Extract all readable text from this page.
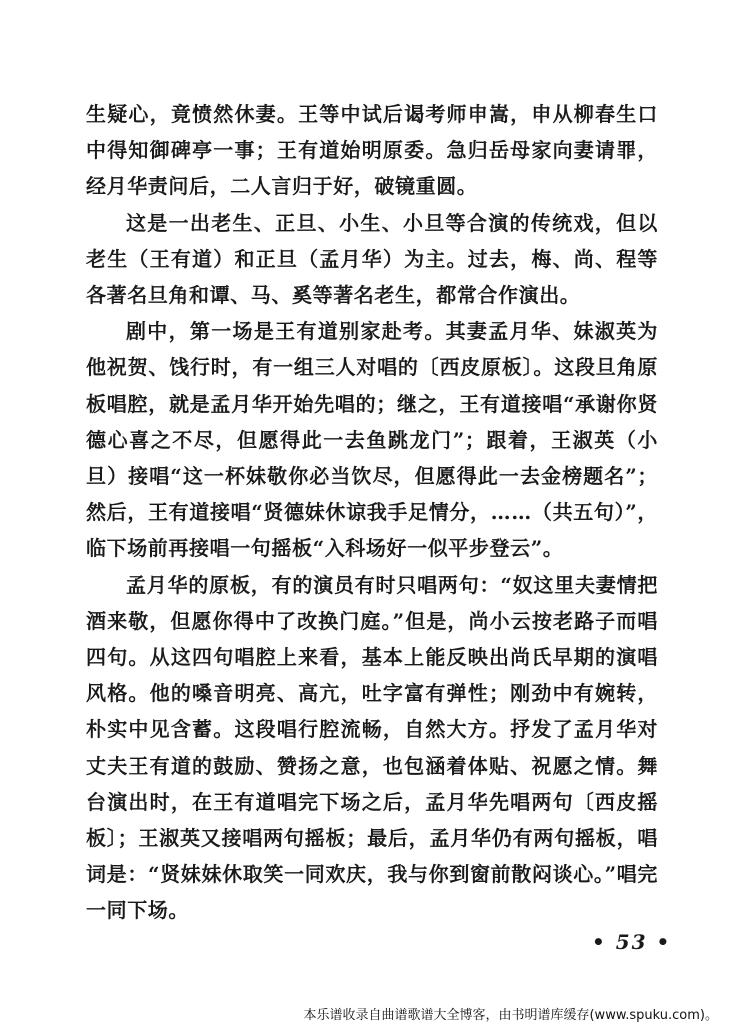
生疑心，竟愤然休妻。王等中试后谒考师申嵩，申从柳春生口中得知御碑亭一事；王有道始明原委。急归岳母家向妻请罪，经月华责问后，二人言归于好，破镜重圆。

这是一出老生、正旦、小生、小旦等合演的传统戏，但以老生（王有道）和正旦（孟月华）为主。过去，梅、尚、程等各著名旦角和谭、马、奚等著名老生，都常合作演出。

剧中，第一场是王有道别家赴考。其妻孟月华、妹淑英为他祝贺、饯行时，有一组三人对唱的〔西皮原板〕。这段旦角原板唱腔，就是孟月华开始先唱的；继之，王有道接唱“承谢你贤德心喜之不尽，但愿得此一去鱼跳龙门”；跟着，王淑英（小旦）接唱“这一杯妹敬你必当饮尽，但愿得此一去金榜题名”；然后，王有道接唱“贤德妹休谅我手足情分，……（共五句）”，临下场前再接唱一句摇板“入科场好一似平步登云”。

孟月华的原板，有的演员有时只唱两句：“奴这里夫妻情把酒来敬，但愿你得中了改换门庭。”但是，尚小云按老路子而唱四句。从这四句唱腔上来看，基本上能反映出尚氏早期的演唱风格。他的嗓音明亮、高亢，吐字富有弹性；刚劲中有婉转，朴实中见含蓄。这段唱行腔流畅，自然大方。抒发了孟月华对丈夫王有道的鼓励、赞扬之意，也包涵着体贴、祝愿之情。舞台演出时，在王有道唱完下场之后，孟月华先唱两句〔西皮摇板〕；王淑英又接唱两句摇板；最后，孟月华仍有两句摇板，唱词是：“贤妹妹休取笑一同欢庆，我与你到窗前散闷谈心。”唱完一同下场。

• 53 •
本乐谱收录自曲谱歌谱大全博客，由书明谱库缓存(www.spuku.com)。
